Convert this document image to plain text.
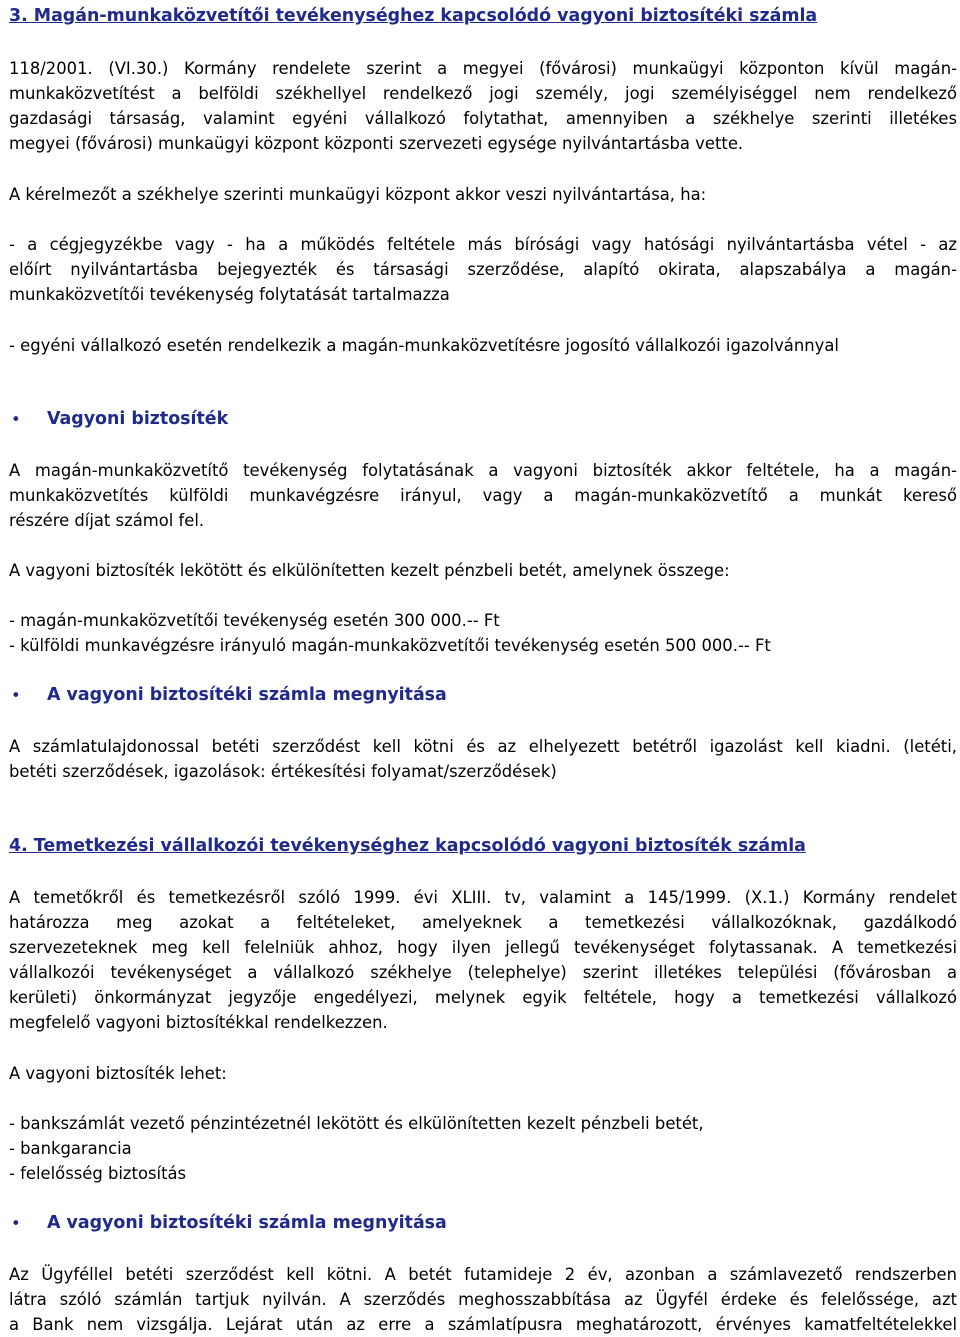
3. Magán-munkaközvetítői tevékenységhez kapcsolódó vagyoni biztosítéki számla
118/2001. (VI.30.) Kormány rendelete szerint a megyei (fővárosi) munkaügyi központon kívül magán-
munkaközvetítést a belföldi székhellyel rendelkező jogi személy, jogi személyiséggel nem rendelkező
gazdasági társaság, valamint egyéni vállalkozó folytathat, amennyiben a székhelye szerinti illetékes
megyei (fővárosi) munkaügyi központ központi szervezeti egysége nyilvántartásba vette.
A kérelmezőt a székhelye szerinti munkaügyi központ akkor veszi nyilvántartása, ha:
- a cégjegyzékbe vagy - ha a működés feltétele más bírósági vagy hatósági nyilvántartásba vétel - az
előírt nyilvántartásba bejegyezték és társasági szerződése, alapító okirata, alapszabálya a magán-
munkaközvetítői tevékenység folytatását tartalmazza
- egyéni vállalkozó esetén rendelkezik a magán-munkaközvetítésre jogosító vállalkozói igazolvánnyal
• Vagyoni biztosíték
A magán-munkaközvetítő tevékenység folytatásának a vagyoni biztosíték akkor feltétele, ha a magán-
munkaközvetítés külföldi munkavégzésre irányul, vagy a magán-munkaközvetítő a munkát kereső
részére díjat számol fel.
A vagyoni biztosíték lekötött és elkülönítetten kezelt pénzbeli betét, amelynek összege:
- magán-munkaközvetítői tevékenység esetén 300 000.-- Ft
- külföldi munkavégzésre irányuló magán-munkaközvetítői tevékenység esetén 500 000.-- Ft
• A vagyoni biztosítéki számla megnyitása
A számlatulajdonossal betéti szerződést kell kötni és az elhelyezett betétről igazolást kell kiadni. (letéti,
betéti szerződések, igazolások: értékesítési folyamat/szerződések)
4. Temetkezési vállalkozói tevékenységhez kapcsolódó vagyoni biztosíték számla
A temetőkről és temetkezésről szóló 1999. évi XLIII. tv, valamint a 145/1999. (X.1.) Kormány rendelet
határozza meg azokat a feltételeket, amelyeknek a temetkezési vállalkozóknak, gazdálkodó
szervezeteknek meg kell felelniük ahhoz, hogy ilyen jellegű tevékenységet folytassanak. A temetkezési
vállalkozói tevékenységet a vállalkozó székhelye (telephelye) szerint illetékes települési (fővárosban a
kerületi) önkormányzat jegyzője engedélyezi, melynek egyik feltétele, hogy a temetkezési vállalkozó
megfelelő vagyoni biztosítékkal rendelkezzen.
A vagyoni biztosíték lehet:
- bankszámlát vezető pénzintézetnél lekötött és elkülönítetten kezelt pénzbeli betét,
- bankgarancia
- felelősség biztosítás
• A vagyoni biztosítéki számla megnyitása
Az Ügyféllel betéti szerződést kell kötni. A betét futamideje 2 év, azonban a számlavezető rendszerben
látra szóló számlán tartjuk nyilván. A szerződés meghosszabbítása az Ügyfél érdeke és felelőssége, azt
a Bank nem vizsgálja. Lejárat után az erre a számlatípusra meghatározott, érvényes kamatfeltételekkel
